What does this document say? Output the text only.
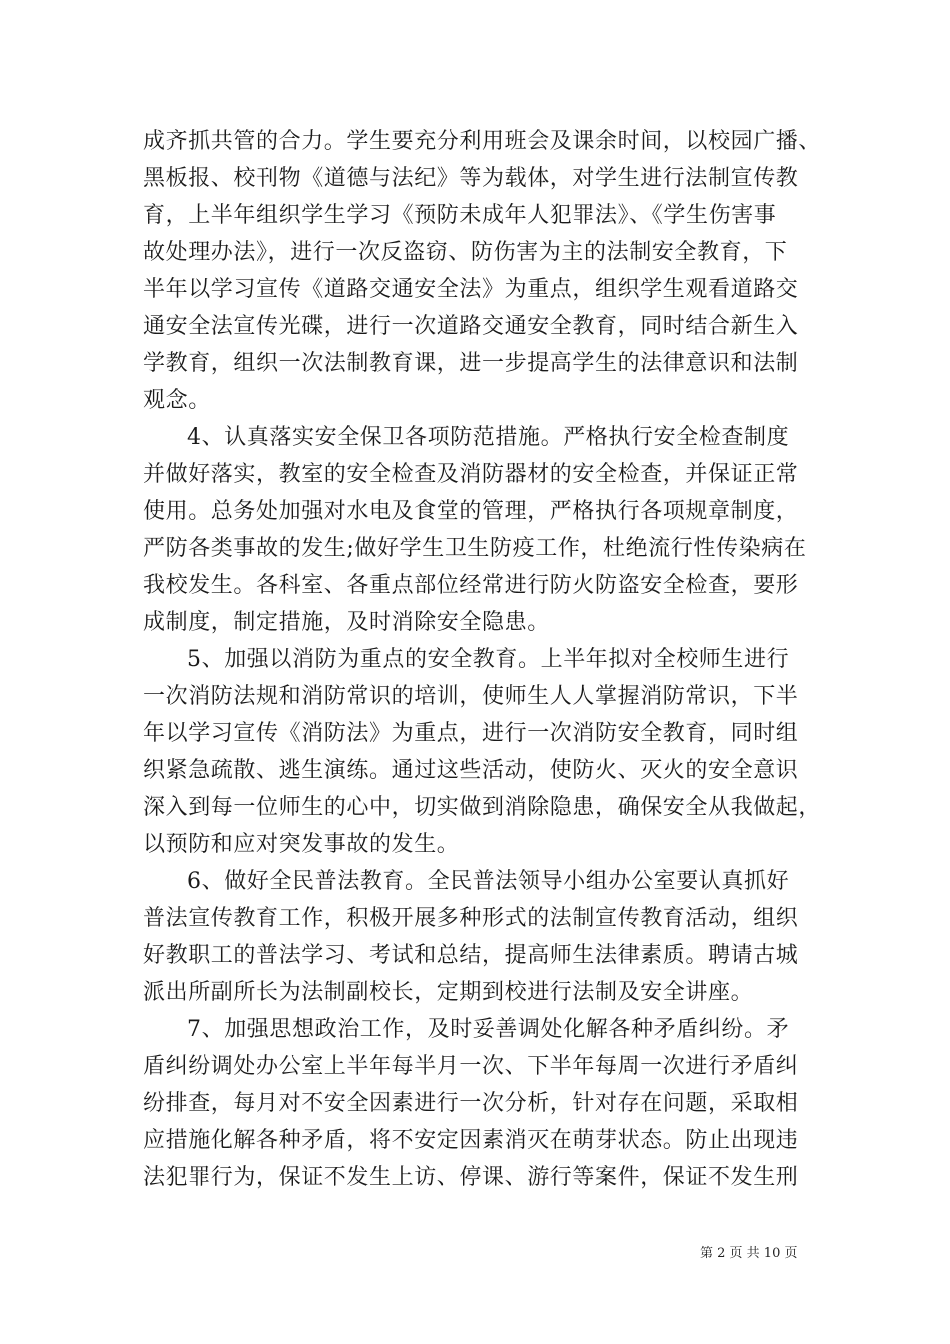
成齐抓共管的合力。学生要充分利用班会及课余时间，以校园广播、
黑板报、校刊物《道德与法纪》等为载体，对学生进行法制宣传教
育，上半年组织学生学习《预防未成年人犯罪法》、《学生伤害事
故处理办法》，进行一次反盗窃、防伤害为主的法制安全教育，下
半年以学习宣传《道路交通安全法》为重点，组织学生观看道路交
通安全法宣传光碟，进行一次道路交通安全教育，同时结合新生入
学教育，组织一次法制教育课，进一步提高学生的法律意识和法制
观念。
4、认真落实安全保卫各项防范措施。严格执行安全检查制度
并做好落实，教室的安全检查及消防器材的安全检查，并保证正常
使用。总务处加强对水电及食堂的管理，严格执行各项规章制度，
严防各类事故的发生;做好学生卫生防疫工作，杜绝流行性传染病在
我校发生。各科室、各重点部位经常进行防火防盗安全检查，要形
成制度，制定措施，及时消除安全隐患。
5、加强以消防为重点的安全教育。上半年拟对全校师生进行
一次消防法规和消防常识的培训，使师生人人掌握消防常识，下半
年以学习宣传《消防法》为重点，进行一次消防安全教育，同时组
织紧急疏散、逃生演练。通过这些活动，使防火、灭火的安全意识
深入到每一位师生的心中，切实做到消除隐患，确保安全从我做起，
以预防和应对突发事故的发生。
6、做好全民普法教育。全民普法领导小组办公室要认真抓好
普法宣传教育工作，积极开展多种形式的法制宣传教育活动，组织
好教职工的普法学习、考试和总结，提高师生法律素质。聘请古城
派出所副所长为法制副校长，定期到校进行法制及安全讲座。
7、加强思想政治工作，及时妥善调处化解各种矛盾纠纷。矛
盾纠纷调处办公室上半年每半月一次、下半年每周一次进行矛盾纠
纷排查，每月对不安全因素进行一次分析，针对存在问题，采取相
应措施化解各种矛盾，将不安定因素消灭在萌芽状态。防止出现违
法犯罪行为，保证不发生上访、停课、游行等案件，保证不发生刑
第 2 页 共 10 页
